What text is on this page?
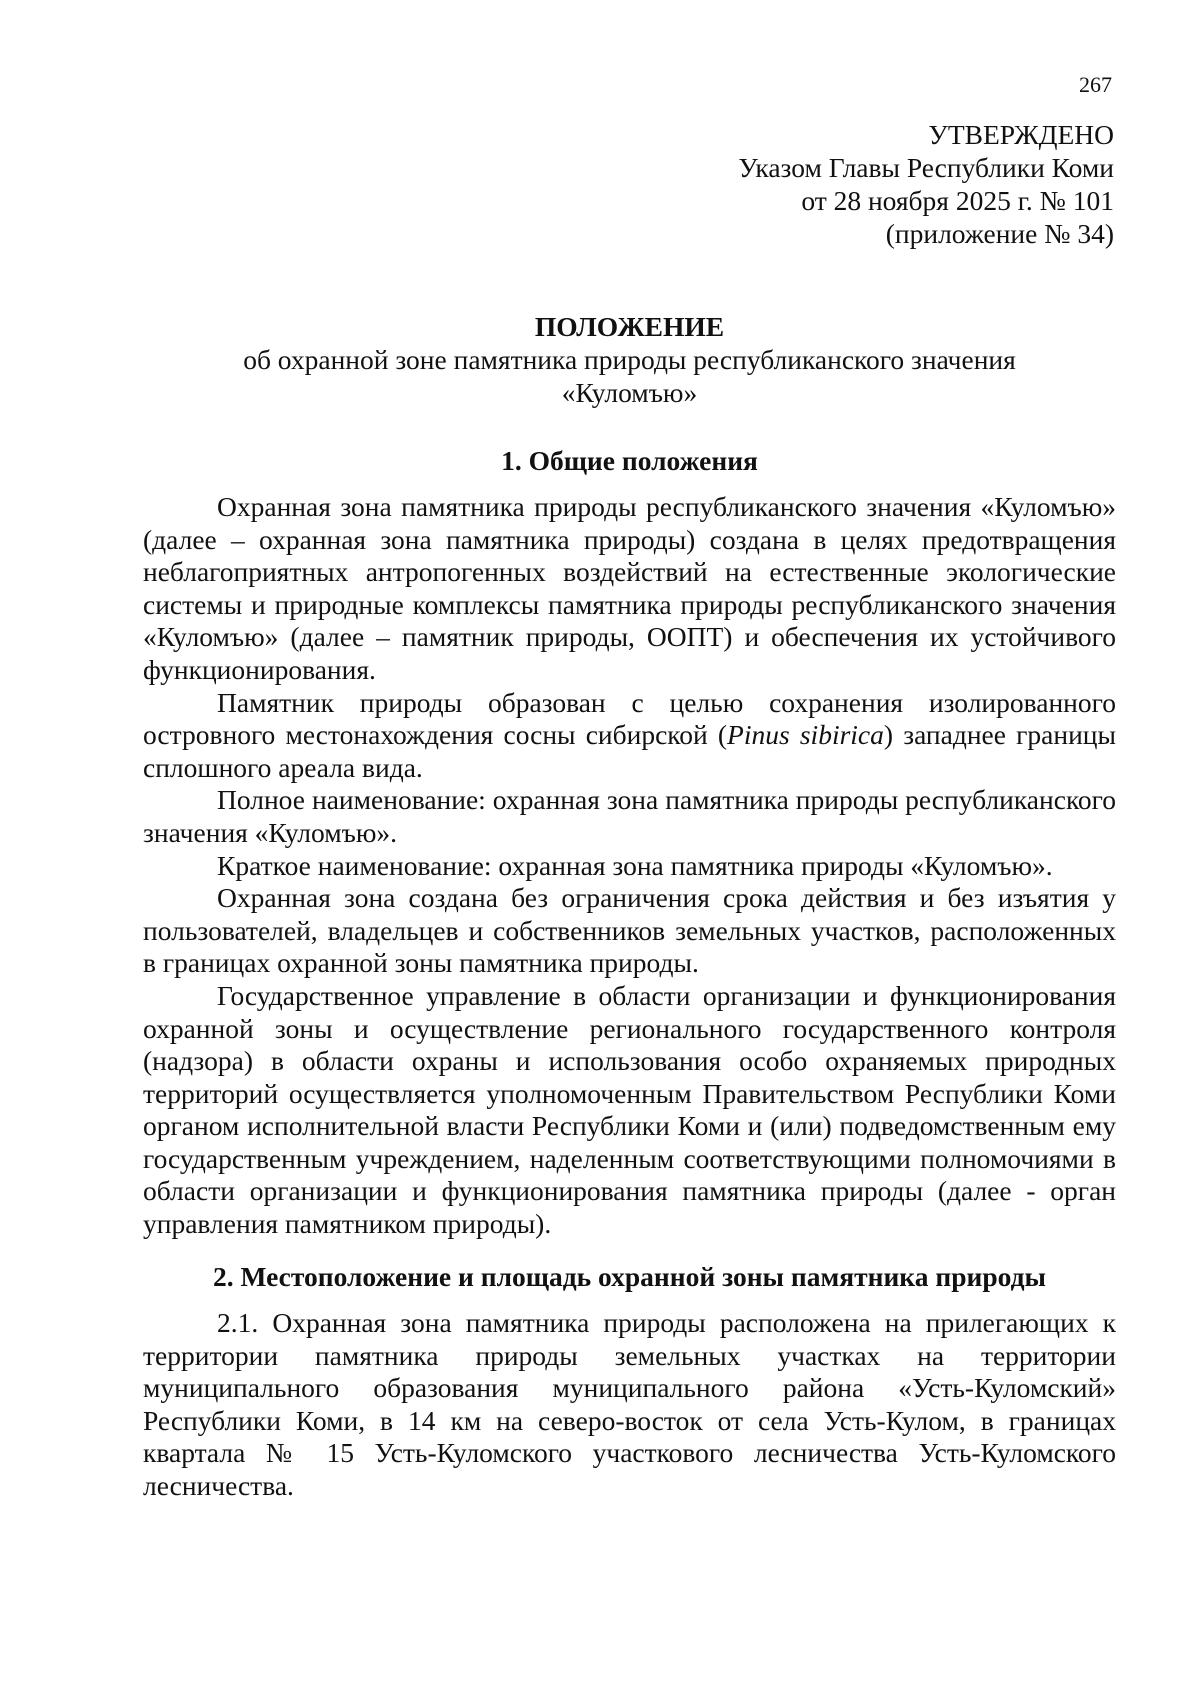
267
УТВЕРЖДЕНО
Указом Главы Республики Коми
от 28 ноября 2025 г. № 101
(приложение № 34)
ПОЛОЖЕНИЕ
об охранной зоне памятника природы республиканского значения
«Куломъю»
1. Общие положения

Охранная зона памятника природы республиканского значения «Куломъю» (далее – охранная зона памятника природы) создана в целях предотвращения неблагоприятных антропогенных воздействий на естественные экологические системы и природные комплексы памятника природы республиканского значения «Куломъю» (далее – памятник природы, ООПТ) и обеспечения их устойчивого функционирования.

Памятник природы образован с целью сохранения изолированного островного местонахождения сосны сибирской (Pinus sibirica) западнее границы сплошного ареала вида.

Полное наименование: охранная зона памятника природы республиканского значения «Куломъю».

Краткое наименование: охранная зона памятника природы «Куломъю».

Охранная зона создана без ограничения срока действия и без изъятия у пользователей, владельцев и собственников земельных участков, расположенных в границах охранной зоны памятника природы.

Государственное управление в области организации и функционирования охранной зоны и осуществление регионального государственного контроля (надзора) в области охраны и использования особо охраняемых природных территорий осуществляется уполномоченным Правительством Республики Коми органом исполнительной власти Республики Коми и (или) подведомственным ему государственным учреждением, наделенным соответствующими полномочиями в области организации и функционирования памятника природы (далее - орган управления памятником природы).

2. Местоположение и площадь охранной зоны памятника природы

2.1. Охранная зона памятника природы расположена на прилегающих к территории памятника природы земельных участках на территории муниципального образования муниципального района «Усть-Куломский» Республики Коми, в 14 км на северо-восток от села Усть-Кулом, в границах квартала № 15 Усть-Куломского участкового лесничества Усть-Куломского лесничества.
